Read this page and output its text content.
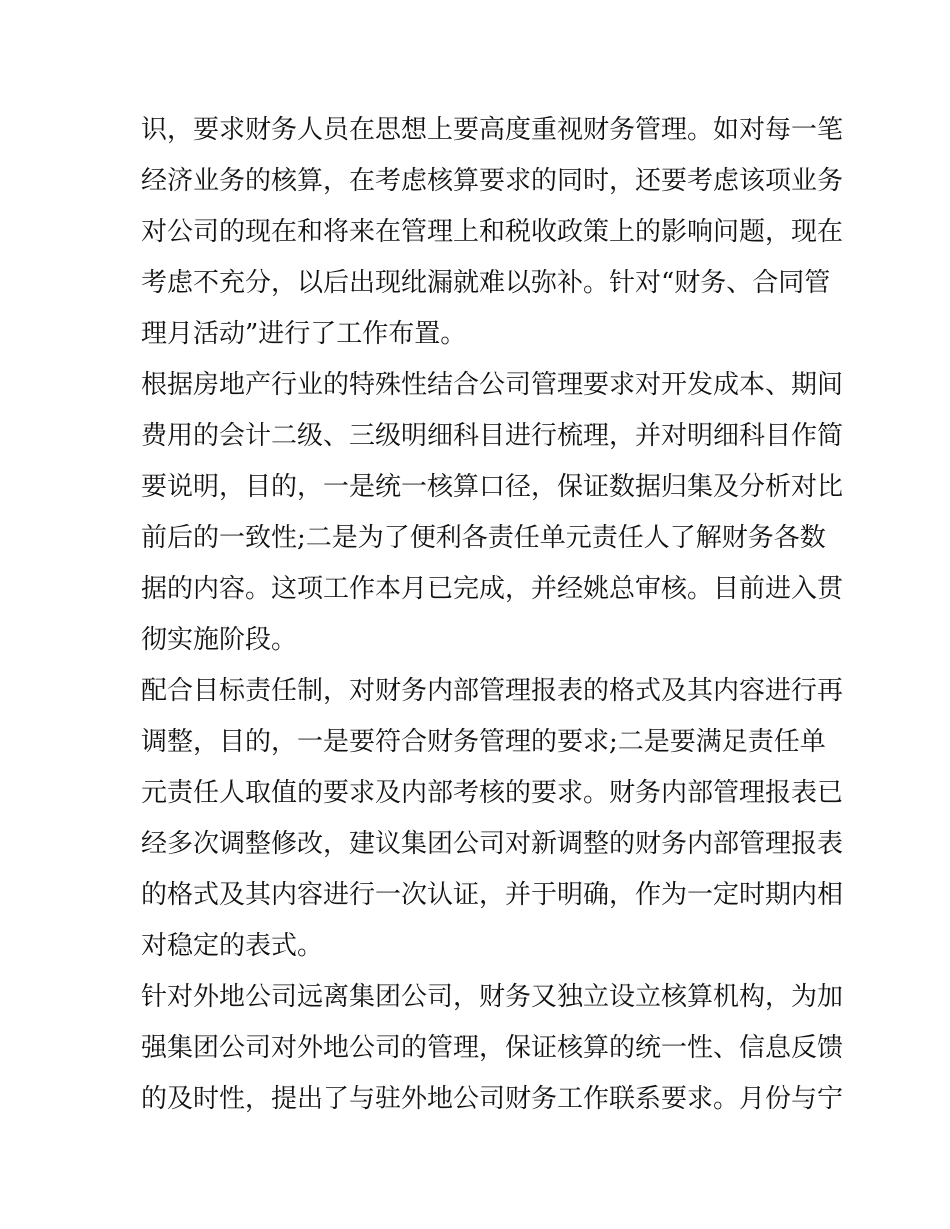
识，要求财务人员在思想上要高度重视财务管理。如对每一笔
经济业务的核算，在考虑核算要求的同时，还要考虑该项业务
对公司的现在和将来在管理上和税收政策上的影响问题，现在
考虑不充分，以后出现纰漏就难以弥补。针对“财务、合同管
理月活动”进行了工作布置。
根据房地产行业的特殊性结合公司管理要求对开发成本、期间
费用的会计二级、三级明细科目进行梳理，并对明细科目作简
要说明，目的，一是统一核算口径，保证数据归集及分析对比
前后的一致性;二是为了便利各责任单元责任人了解财务各数
据的内容。这项工作本月已完成，并经姚总审核。目前进入贯
彻实施阶段。
配合目标责任制，对财务内部管理报表的格式及其内容进行再
调整，目的，一是要符合财务管理的要求;二是要满足责任单
元责任人取值的要求及内部考核的要求。财务内部管理报表已
经多次调整修改，建议集团公司对新调整的财务内部管理报表
的格式及其内容进行一次认证，并于明确，作为一定时期内相
对稳定的表式。
针对外地公司远离集团公司，财务又独立设立核算机构，为加
强集团公司对外地公司的管理，保证核算的统一性、信息反馈
的及时性，提出了与驻外地公司财务工作联系要求。月份与宁
